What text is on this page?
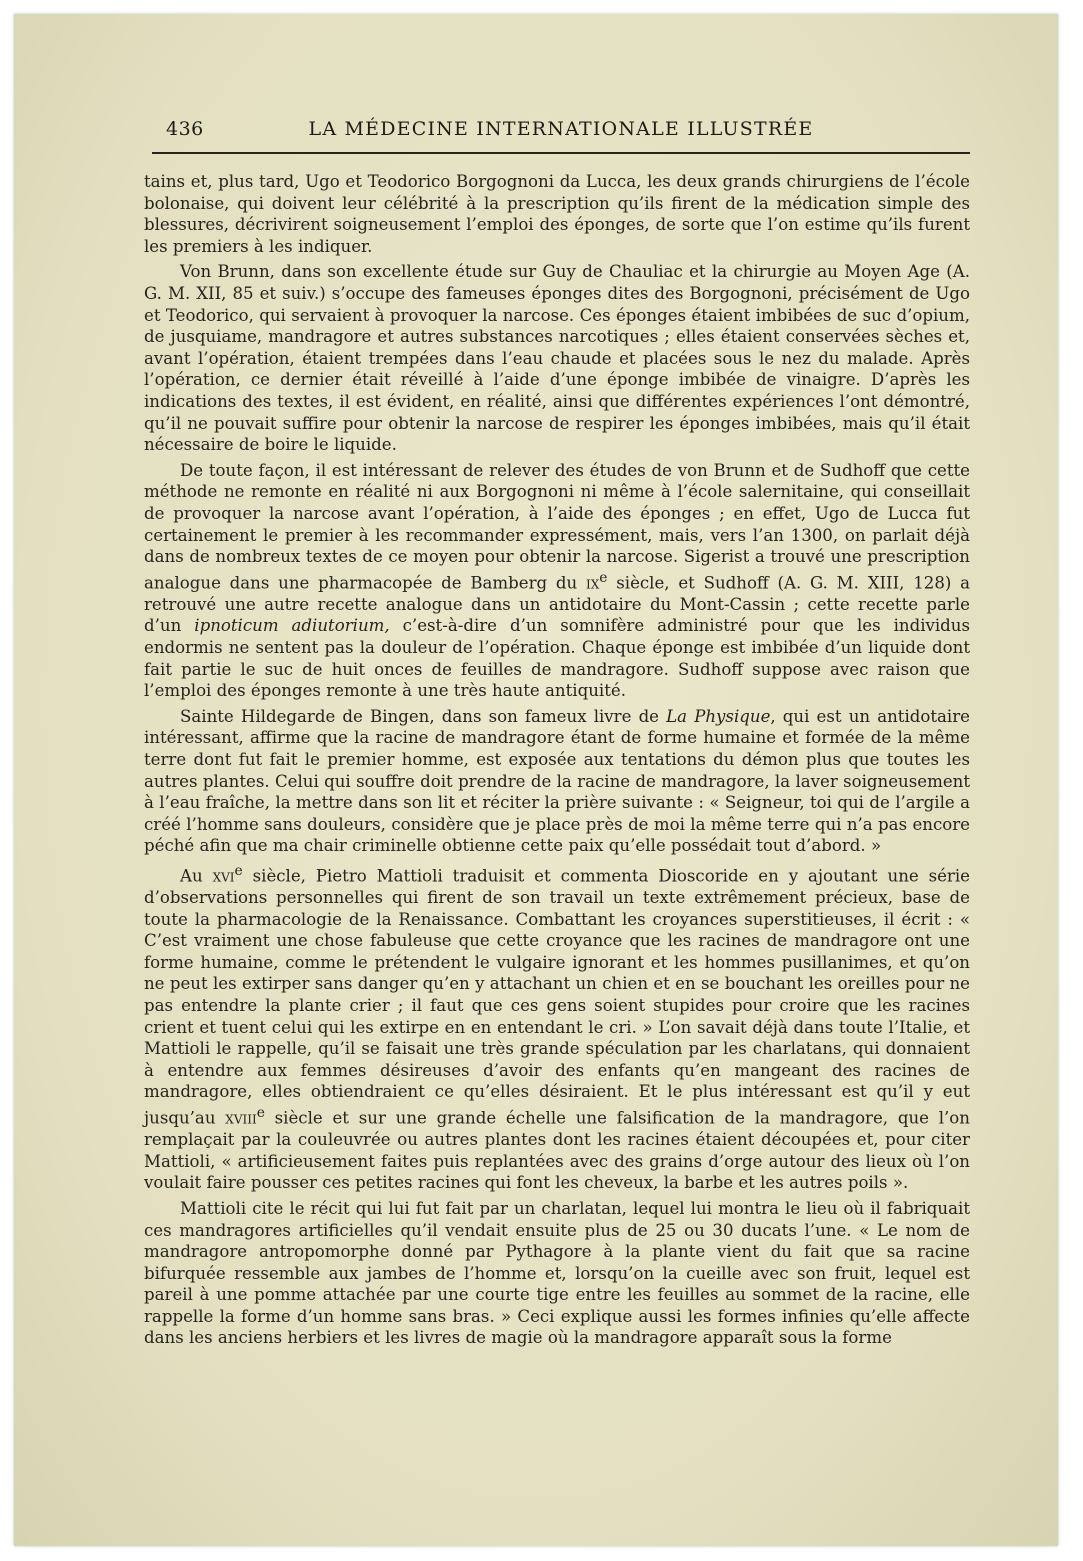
436	LA MÉDECINE INTERNATIONALE ILLUSTRÉE

tains et, plus tard, Ugo et Teodorico Borgognoni da Lucca, les deux grands chirurgiens de l’école bolonaise, qui doivent leur célébrité à la prescription qu’ils firent de la médication simple des blessures, décrivirent soigneusement l’emploi des éponges, de sorte que l’on estime qu’ils furent les premiers à les indiquer.

Von Brunn, dans son excellente étude sur Guy de Chauliac et la chirurgie au Moyen Age (A. G. M. XII, 85 et suiv.) s’occupe des fameuses éponges dites des Borgognoni, précisément de Ugo et Teodorico, qui servaient à provoquer la narcose. Ces éponges étaient imbibées de suc d’opium, de jusquiame, mandragore et autres substances narcotiques ; elles étaient conservées sèches et, avant l’opération, étaient trempées dans l’eau chaude et placées sous le nez du malade. Après l’opération, ce dernier était réveillé à l’aide d’une éponge imbibée de vinaigre. D’après les indications des textes, il est évident, en réalité, ainsi que différentes expériences l’ont démontré, qu’il ne pouvait suffire pour obtenir la narcose de respirer les éponges imbibées, mais qu’il était nécessaire de boire le liquide.

De toute façon, il est intéressant de relever des études de von Brunn et de Sudhoff que cette méthode ne remonte en réalité ni aux Borgognoni ni même à l’école salernitaine, qui conseillait de provoquer la narcose avant l’opération, à l’aide des éponges ; en effet, Ugo de Lucca fut certainement le premier à les recommander expressément, mais, vers l’an 1300, on parlait déjà dans de nombreux textes de ce moyen pour obtenir la narcose. Sigerist a trouvé une prescription analogue dans une pharmacopée de Bamberg du $ix^e$ siècle, et Sudhoff (A. G. M. XIII, 128) a retrouvé une autre recette analogue dans un antidotaire du Mont-Cassin ; cette recette parle d’un ipnoticum adiutorium, c’est-à-dire d’un somnifère administré pour que les individus endormis ne sentent pas la douleur de l’opération. Chaque éponge est imbibée d’un liquide dont fait partie le suc de huit onces de feuilles de mandragore. Sudhoff suppose avec raison que l’emploi des éponges remonte à une très haute antiquité.

Sainte Hildegarde de Bingen, dans son fameux livre de La Physique, qui est un antidotaire intéressant, affirme que la racine de mandragore étant de forme humaine et formée de la même terre dont fut fait le premier homme, est exposée aux tentations du démon plus que toutes les autres plantes. Celui qui souffre doit prendre de la racine de mandragore, la laver soigneusement à l’eau fraîche, la mettre dans son lit et réciter la prière suivante : « Seigneur, toi qui de l’argile a créé l’homme sans douleurs, considère que je place près de moi la même terre qui n’a pas encore péché afin que ma chair criminelle obtienne cette paix qu’elle possédait tout d’abord. »

Au xvi$^e$ siècle, Pietro Mattioli traduisit et commenta Dioscoride en y ajoutant une série d’observations personnelles qui firent de son travail un texte extrêmement précieux, base de toute la pharmacologie de la Renaissance. Combattant les croyances superstitieuses, il écrit : « C’est vraiment une chose fabuleuse que cette croyance que les racines de mandragore ont une forme humaine, comme le prétendent le vulgaire ignorant et les hommes pusillanimes, et qu’on ne peut les extirper sans danger qu’en y attachant un chien et en se bouchant les oreilles pour ne pas entendre la plante crier ; il faut que ces gens soient stupides pour croire que les racines crient et tuent celui qui les extirpe en en entendant le cri. » L’on savait déjà dans toute l’Italie, et Mattioli le rappelle, qu’il se faisait une très grande spéculation par les charlatans, qui donnaient à entendre aux femmes désireuses d’avoir des enfants qu’en mangeant des racines de mandragore, elles obtiendraient ce qu’elles désiraient. Et le plus intéressant est qu’il y eut jusqu’au xviii$^e$ siècle et sur une grande échelle une falsification de la mandragore, que l’on remplaçait par la couleuvrée ou autres plantes dont les racines étaient découpées et, pour citer Mattioli, « artificieusement faites puis replantées avec des grains d’orge autour des lieux où l’on voulait faire pousser ces petites racines qui font les cheveux, la barbe et les autres poils ».

Mattioli cite le récit qui lui fut fait par un charlatan, lequel lui montra le lieu où il fabriquait ces mandragores artificielles qu’il vendait ensuite plus de 25 ou 30 ducats l’une. « Le nom de mandragore antropomorphe donné par Pythagore à la plante vient du fait que sa racine bifurquée ressemble aux jambes de l’homme et, lorsqu’on la cueille avec son fruit, lequel est pareil à une pomme attachée par une courte tige entre les feuilles au sommet de la racine, elle rappelle la forme d’un homme sans bras. » Ceci explique aussi les formes infinies qu’elle affecte dans les anciens herbiers et les livres de magie où la mandragore apparaît sous la forme
